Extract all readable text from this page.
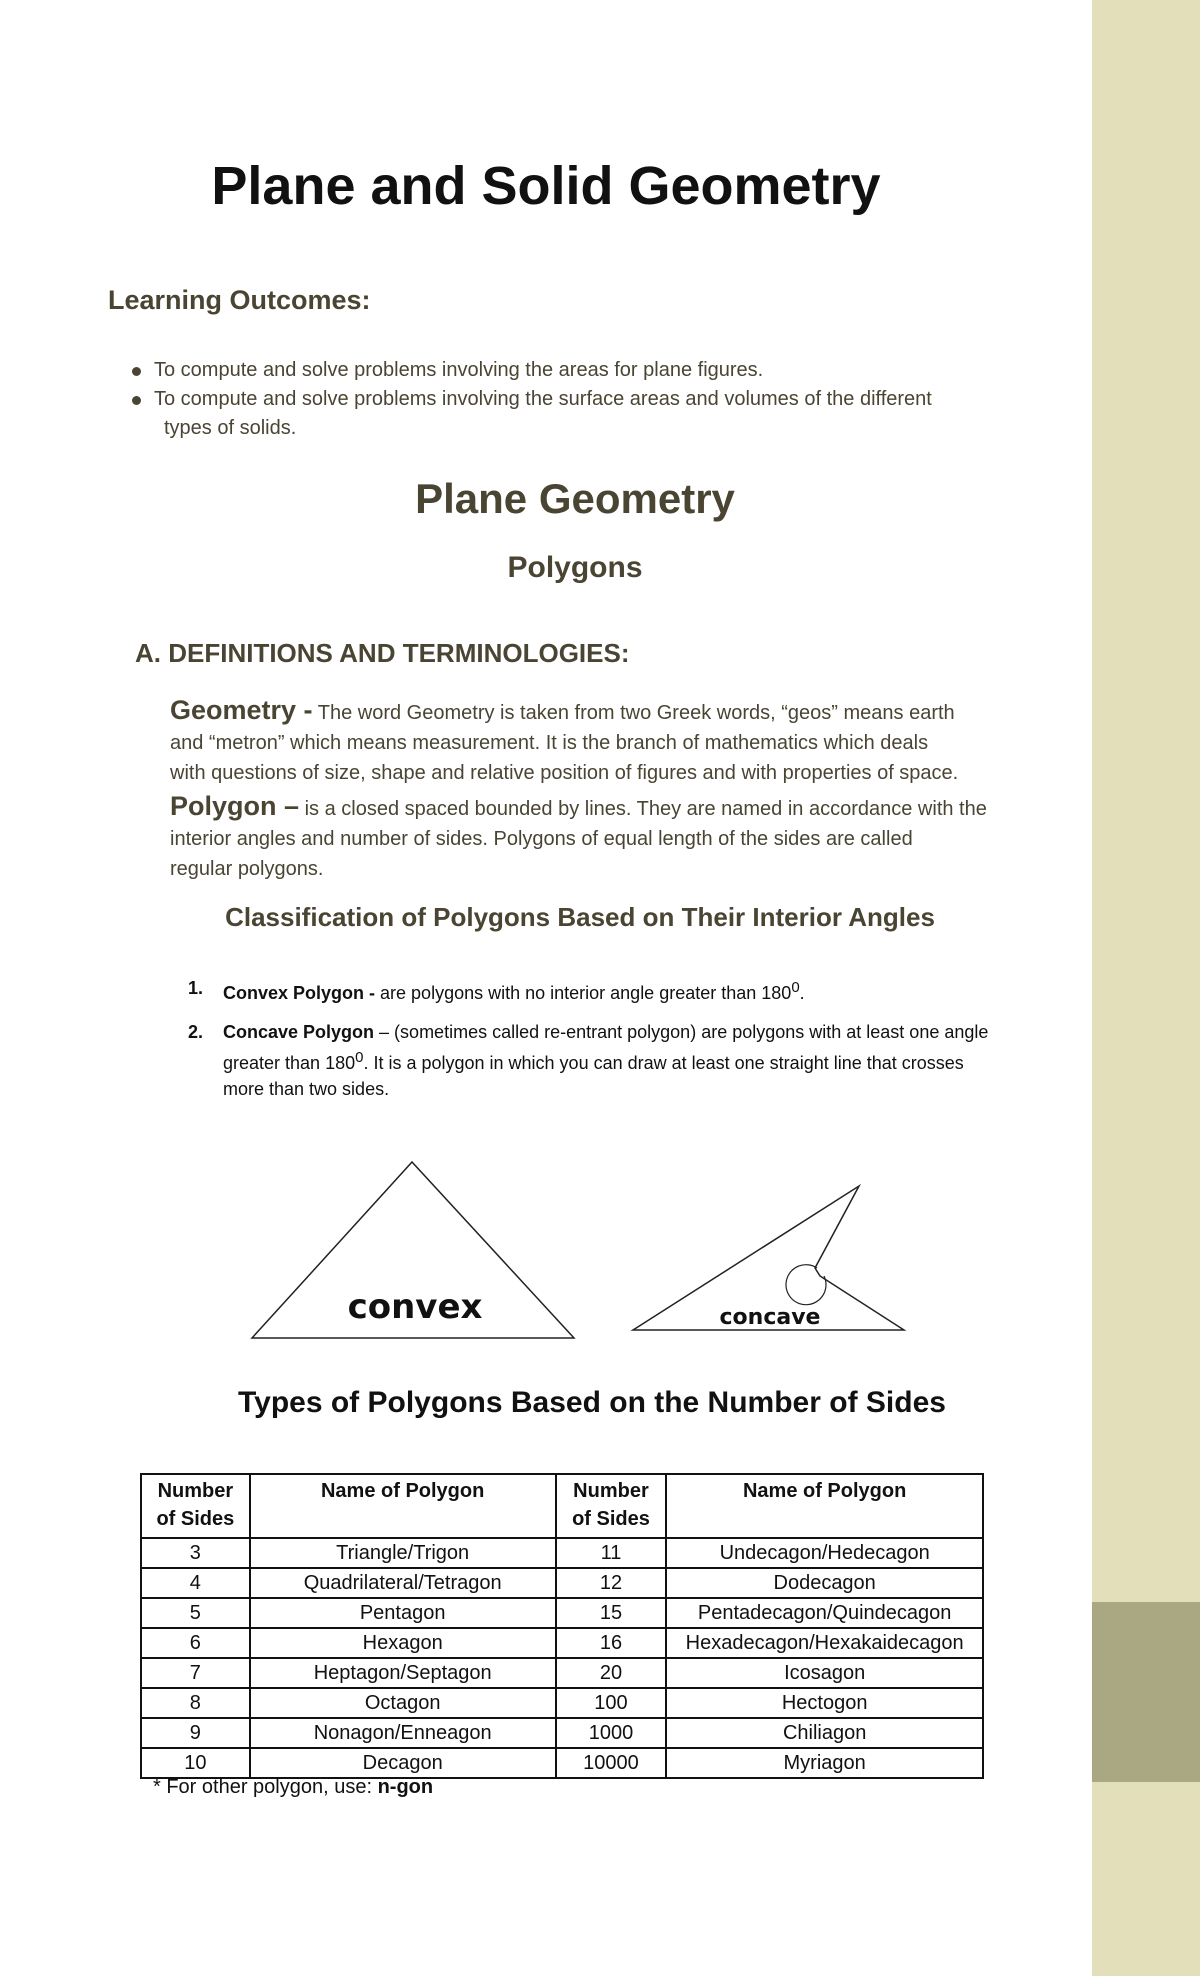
Plane and Solid Geometry
Learning Outcomes:
To compute and solve problems involving the areas for plane figures.
To compute and solve problems involving the surface areas and volumes of the different
types of solids.
Plane Geometry
Polygons
A. DEFINITIONS AND TERMINOLOGIES:
Geometry - The word Geometry is taken from two Greek words, “geos” means earth
and “metron” which means measurement. It is the branch of mathematics which deals
with questions of size, shape and relative position of figures and with properties of space.
Polygon – is a closed spaced bounded by lines. They are named in accordance with the
interior angles and number of sides. Polygons of equal length of the sides are called
regular polygons.
Classification of Polygons Based on Their Interior Angles
1. Convex Polygon - are polygons with no interior angle greater than $180^0$.
2. Concave Polygon – (sometimes called re-entrant polygon) are polygons with at least one angle
greater than $180^0$. It is a polygon in which you can draw at least one straight line that crosses
more than two sides.
convex	concave
Types of Polygons Based on the Number of Sides
Number
of Sides	Name of Polygon	Number
of Sides	Name of Polygon
3	Triangle/Trigon	11	Undecagon/Hedecagon
4	Quadrilateral/Tetragon	12	Dodecagon
5	Pentagon	15	Pentadecagon/Quindecagon
6	Hexagon	16	Hexadecagon/Hexakaidecagon
7	Heptagon/Septagon	20	Icosagon
8	Octagon	100	Hectogon
9	Nonagon/Enneagon	1000	Chiliagon
10	Decagon	10000	Myriagon
* For other polygon, use: n-gon
